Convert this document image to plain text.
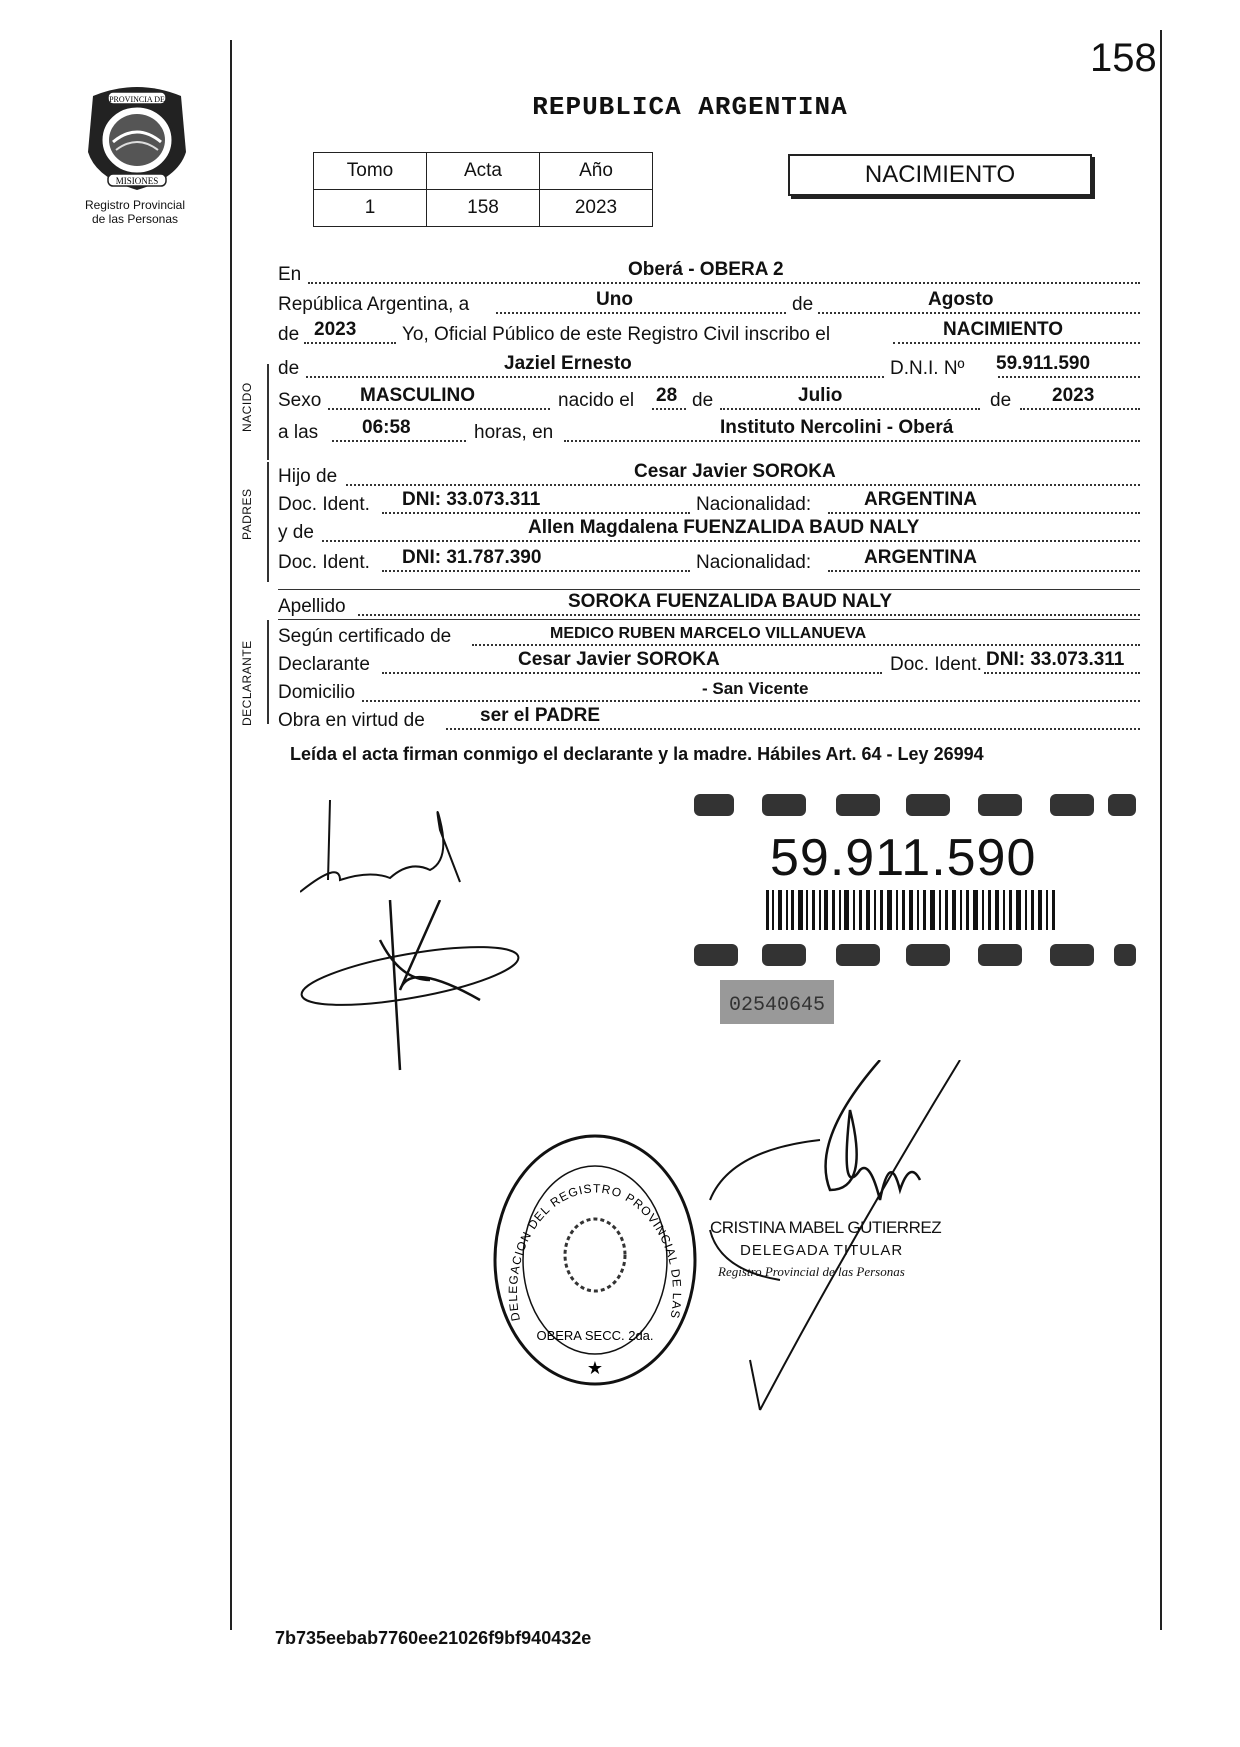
158
PROVINCIA DE
MISIONES
Registro Provincial
de las Personas
REPUBLICA ARGENTINA
Tomo	Acta	Año
1	158	2023
NACIMIENTO
En	Oberá - OBERA 2
República Argentina, a	Uno	de	Agosto
de 2023 Yo, Oficial Público de este Registro Civil inscribo el	NACIMIENTO
NACIDO
de	Jaziel Ernesto	D.N.I. Nº 59.911.590
Sexo MASCULINO	nacido el 28 de	Julio	de 2023
a las 06:58	horas, en	Instituto Nercolini - Oberá
PADRES
Hijo de	Cesar Javier SOROKA
Doc. Ident. DNI: 33.073.311	Nacionalidad:	ARGENTINA
y de	Allen Magdalena FUENZALIDA BAUD NALY
Doc. Ident. DNI: 31.787.390	Nacionalidad:	ARGENTINA
Apellido	SOROKA FUENZALIDA BAUD NALY
DECLARANTE
Según certificado de	MEDICO RUBEN MARCELO VILLANUEVA
Declarante	Cesar Javier SOROKA	Doc. Ident. DNI: 33.073.311
Domicilio	- San Vicente
Obra en virtud de	ser el PADRE
Leída el acta firman conmigo el declarante y la madre. Hábiles Art. 64 - Ley 26994
02540645
59.911.590
DELEGACION DEL REGISTRO PROVINCIAL DE LAS
OBERA SECC. 2da.
★
CRISTINA MABEL GUTIERREZ
DELEGADA TITULAR
Registro Provincial de las Personas
7b735eebab7760ee21026f9bf940432e
